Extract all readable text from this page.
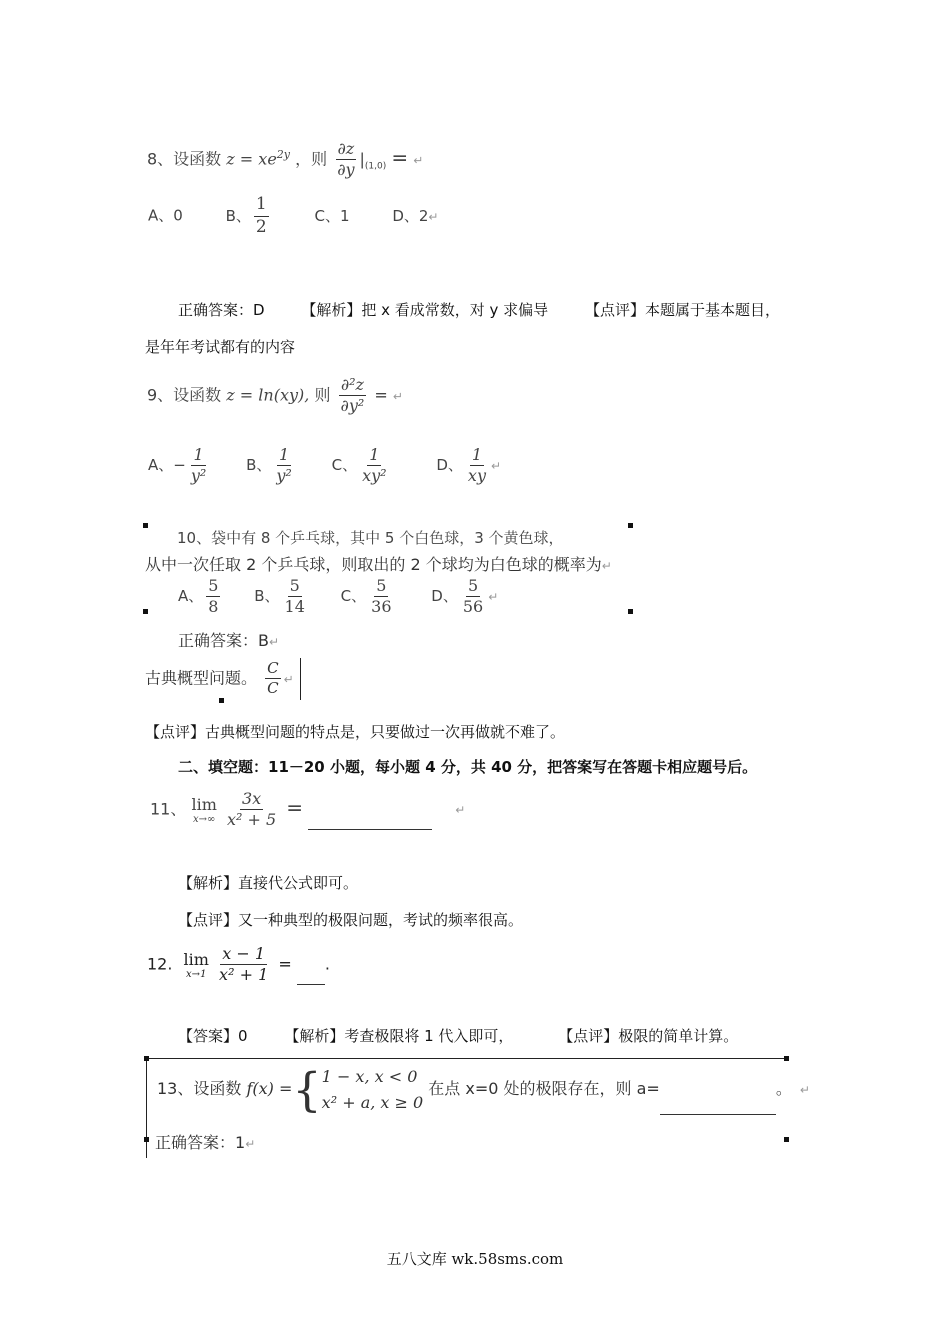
8、设函数 $z = xe^{2y}$ ，则 $\frac{\partial z}{\partial y} |_{(1,0)}$ = ↵
A、0	B、 $\frac{1}{2}$	C、1	D、2↵
正确答案：D 【解析】把 x 看成常数，对 y 求偏导 【点评】本题属于基本题目，
是年年考试都有的内容
9、设函数 z = ln(xy), 则 $\frac{\text{∂²z}}{\text{∂y²}}$ = ↵
A、− $\frac{1}{\text{y²}}$	B、 $\frac{1}{\text{y²}}$	C、 $\frac{1}{\text{xy²}}$	D、 $\frac{1}{xy}$ ↵
10、袋中有 8 个乒乓球，其中 5 个白色球，3 个黄色球，
从中一次任取 2 个乒乓球，则取出的 2 个球均为白色球的概率为↵
A、 $\frac{5}{8}$ B、 $\frac{5}{14}$ C、 $\frac{5}{36}$	D、 $\frac{5}{56}$ ↵
正确答案：B↵
古典概型问题。 $\frac{C}{C}$ ↵
【点评】古典概型问题的特点是，只要做过一次再做就不难了。
二、填空题：11－20 小题，每小题 4 分，共 40 分，把答案写在答题卡相应题号后。
11、 lim
x→∞
$\frac{3x}{\text{x² + 5}}$ =	↵
【解析】直接代公式即可。
【点评】又一种典型的极限问题，考试的频率很高。
12. lim
x→1
$\frac{x - 1}{\text{x² + 1}}$ = .
【答案】0 【解析】考查极限将 1 代入即可，	【点评】极限的简单计算。
13、设函数 f(x) ={ 1 − x, x < 0
x² + a, x ≥ 0
在点 x=0 处的极限存在，则 a=	。 ↵
正确答案：1↵
五八文库 wk.58sms.com
